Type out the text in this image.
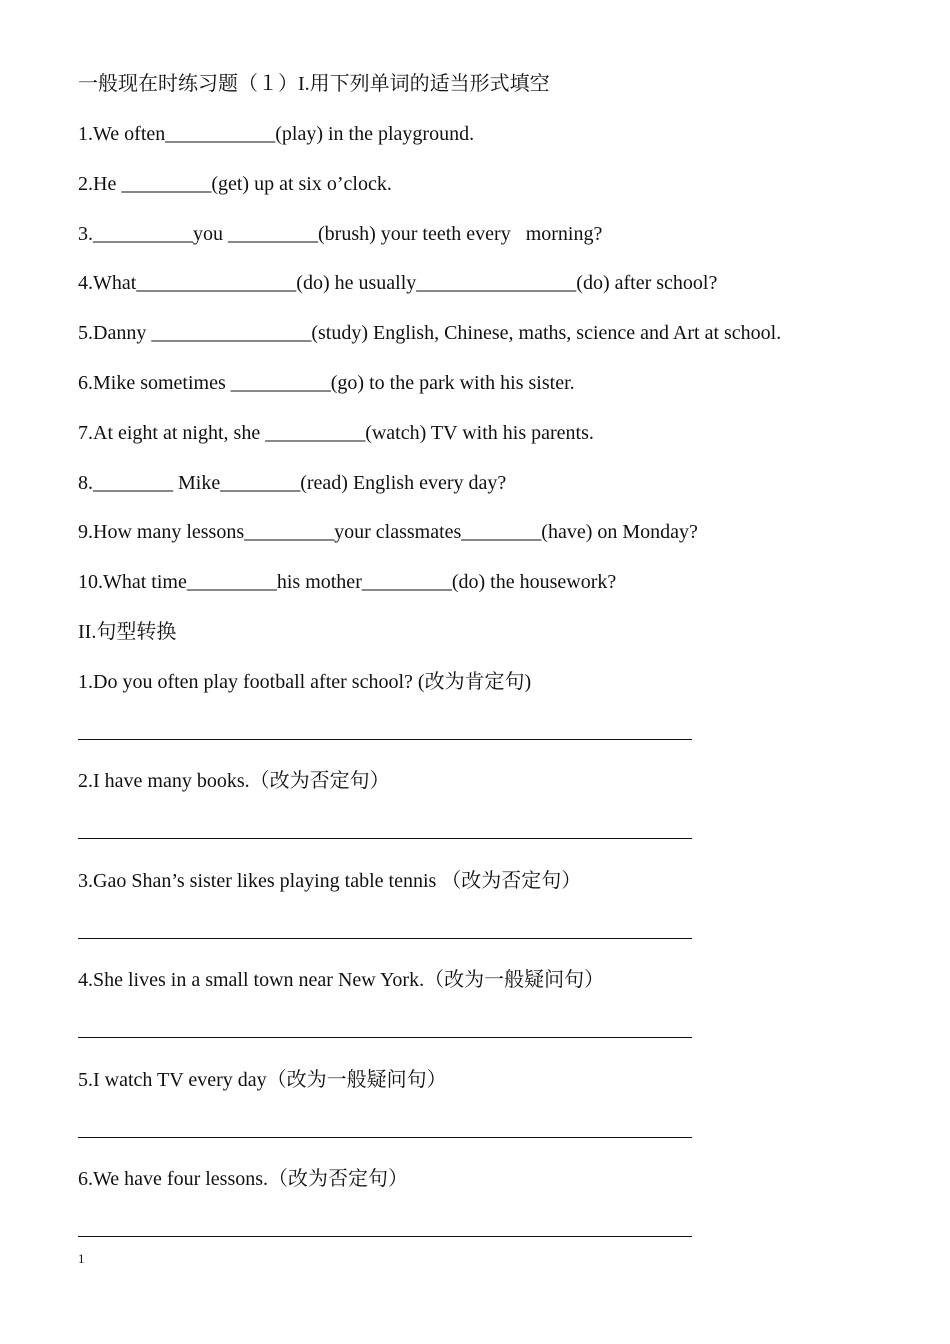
一般现在时练习题（１）I.用下列单词的适当形式填空
1.We often___________(play) in the playground.
2.He _________(get) up at six o’clock.
3.__________you _________(brush) your teeth every   morning?
4.What________________(do) he usually________________(do) after school?
5.Danny ________________(study) English, Chinese, maths, science and Art at school.
6.Mike sometimes __________(go) to the park with his sister.
7.At eight at night, she __________(watch) TV with his parents.
8.________ Mike________(read) English every day?
9.How many lessons_________your classmates________(have) on Monday?
10.What time_________his mother_________(do) the housework?
II.句型转换
1.Do you often play football after school? (改为肯定句)
2.I have many books.（改为否定句）
3.Gao Shan’s sister likes playing table tennis （改为否定句）
4.She lives in a small town near New York.（改为一般疑问句）
5.I watch TV every day（改为一般疑问句）
6.We have four lessons.（改为否定句）
1
